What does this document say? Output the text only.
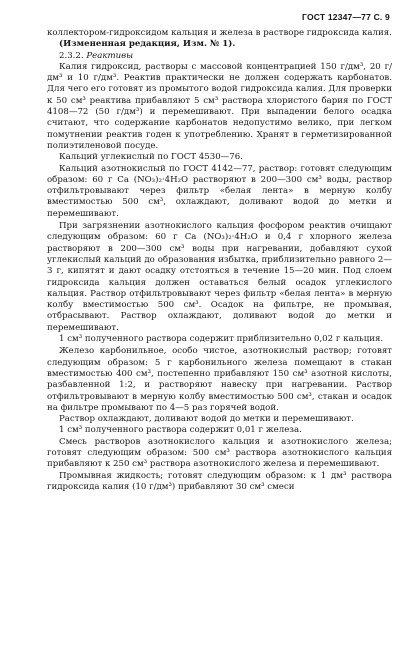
ГОСТ 12347—77 С. 9

коллектором-гидроксидом кальция и железа в растворе гидроксида калия.

(Измененная редакция, Изм. № 1).

2.3.2. Реактивы

Калия гидроксид, растворы с массовой концентрацией 150 г/дм³, 20 г/дм³ и 10 г/дм³. Реактив практически не должен содержать карбонатов. Для чего его готовят из промытого водой гидроксида калия. Для проверки к 50 см³ реактива прибавляют 5 см³ раствора хлористого бария по ГОСТ 4108—72 (50 г/дм³) и перемешивают. При выпадении белого осадка считают, что содержание карбонатов недопустимо велико, при легком помутнении реактив годен к употреблению. Хранят в герметизированной полиэтиленовой посуде.

Кальций углекислый по ГОСТ 4530—76.

Кальций азотнокислый по ГОСТ 4142—77, раствор: готовят следующим образом: 60 г Са (NO₃)₂·4Н₂О растворяют в 200—300 см³ воды, раствор отфильтровывают через фильтр «белая лента» в мерную колбу вместимостью 500 см³, охлаждают, доливают водой до метки и перемешивают.

При загрязнении азотнокислого кальция фосфором реактив очищают следующим образом: 60 г Са (NO₃)₂·4Н₂О и 0,4 г хлорного железа растворяют в 200—300 см³ воды при нагревании, добавляют сухой углекислый кальций до образования избытка, приблизительно равного 2—3 г, кипятят и дают осадку отстояться в течение 15—20 мин. Под слоем гидроксида кальция должен оставаться белый осадок углекислого кальция. Раствор отфильтровывают через фильтр «белая лента» в мерную колбу вместимостью 500 см³. Осадок на фильтре, не промывая, отбрасывают. Раствор охлаждают, доливают водой до метки и перемешивают.

1 см³ полученного раствора содержит приблизительно 0,02 г кальция.

Железо карбонильное, особо чистое, азотнокислый раствор; готовят следующим образом: 5 г карбонильного железа помещают в стакан вместимостью 400 см³, постепенно прибавляют 150 см³ азотной кислоты, разбавленной 1:2, и растворяют навеску при нагревании. Раствор отфильтровывают в мерную колбу вместимостью 500 см³, стакан и осадок на фильтре промывают по 4—5 раз горячей водой.

Раствор охлаждают, доливают водой до метки и перемешивают.

1 см³ полученного раствора содержит 0,01 г железа.

Смесь растворов азотнокислого кальция и азотнокислого железа; готовят следующим образом: 500 см³ раствора азотнокислого кальция прибавляют к 250 см³ раствора азотнокислого железа и перемешивают.

Промывная жидкость; готовят следующим образом: к 1 дм³ раствора гидроксида калия (10 г/дм³) прибавляют 30 см³ смеси
